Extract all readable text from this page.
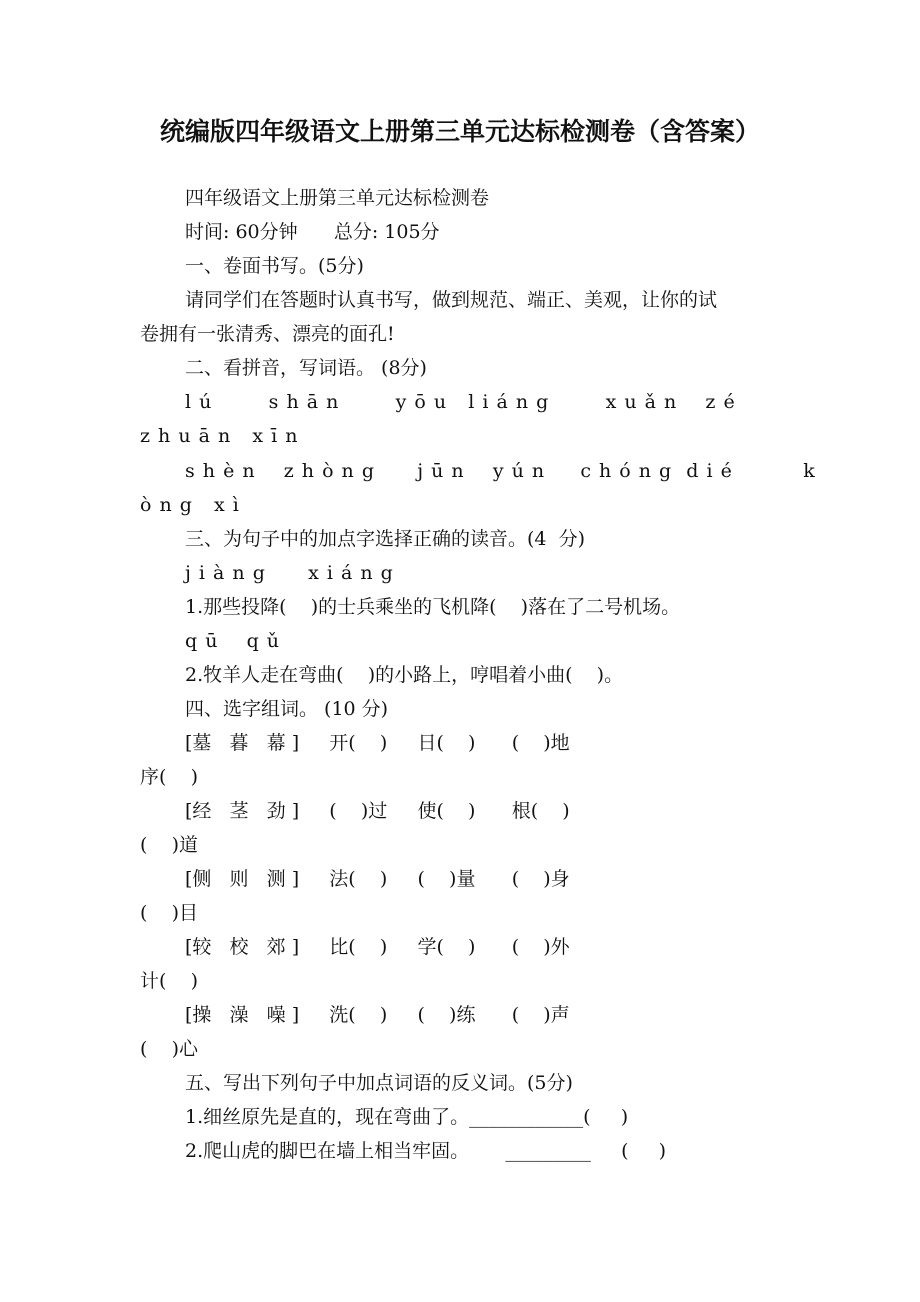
统编版四年级语文上册第三单元达标检测卷（含答案）
四年级语文上册第三单元达标检测卷
时间: 60分钟      总分: 105分
一、卷面书写。(5分)
请同学们在答题时认真书写，做到规范、端正、美观，让你的试
卷拥有一张清秀、漂亮的面孔!
二、看拼音，写词语。 (8分)
l ú        s h ā n        y ō u   l i á n g        x u ǎ n    z é
z h u ā n   x ī n
s h è n    z h ò n g      j ū n    y ú n     c h ó n g  d i é          k
ò n g   x ì
三、为句子中的加点字选择正确的读音。(4  分)
j i à n g      x i á n g
1.那些投降(    )的士兵乘坐的飞机降(    )落在了二号机场。
q ū    q ǔ
2.牧羊人走在弯曲(    )的小路上，哼唱着小曲(    )。
四、选字组词。 (10 分)
[墓   暮   幕 ]     开(    )     日(    )      (    )地
序(    )
[经   茎   劲 ]     (    )过     使(    )      根(    )
(    )道
[侧   则   测 ]     法(    )     (    )量      (    )身
(    )目
[较   校   郊 ]     比(    )     学(    )      (    )外
计(    )
[操   澡   噪 ]     洗(    )     (    )练      (    )声
(    )心
五、写出下列句子中加点词语的反义词。(5分)
1.细丝原先是直的，现在弯曲了。____________(     )
2.爬山虎的脚巴在墙上相当牢固。      _________     (     )
